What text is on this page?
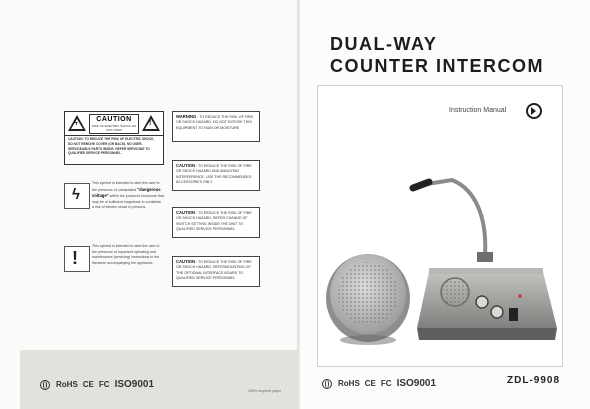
ϟ
CAUTION
RISK OF ELECTRIC SHOCK DO NOT OPEN
!
CAUTION: TO REDUCE THE RISK OF ELECTRIC SHOCK, DO NOT REMOVE COVER (OR BACK). NO USER-SERVICEABLE PARTS INSIDE. REFER SERVICING TO QUALIFIED SERVICE PERSONNEL.
WARNING : TO REDUCE THE RISK OF FIRE OR SHOCK HAZARD, DO NOT EXPOSE THIS EQUIPMENT TO RAIN OR MOISTURE
CAUTION : TO REDUCE THE RISK OF FIRE OR SHOCK HAZARD AND ANNOYING INTERFERENCE, USE THE RECOMMENDED ACCESSORIES ONLY
CAUTION : TO REDUCE THE RISK OF FIRE OR SHOCK HAZARD, REFER CHANGE OF SWITCH SETTING INSIDE THE UNIT TO QUALIFIED SERVICE PERSONNEL.
CAUTION : TO REDUCE THE RISK OF FIRE OR SHOCK HAZARD, REFERMOUNTING OF THE OPTIONAL INTERFACE BOARD TO QUALIFIED SERVICE PERSONNEL.
ϟ
This symbol is intended to alert the user to the presence of uninsulated "dangerous voltage" within the product's enclosure that may be of sufficient magnitude to constitute a risk of electric shock to persons.
!
This symbol is intended to alert the user to the presence of important operating and maintenance (servicing) instructions in the literature accompanying the appliance.
RoHS CE FC ISO9001
100% recycled paper
DUAL-WAY
COUNTER INTERCOM
Instruction Manual
RoHS CE FC ISO9001	ZDL-9908
